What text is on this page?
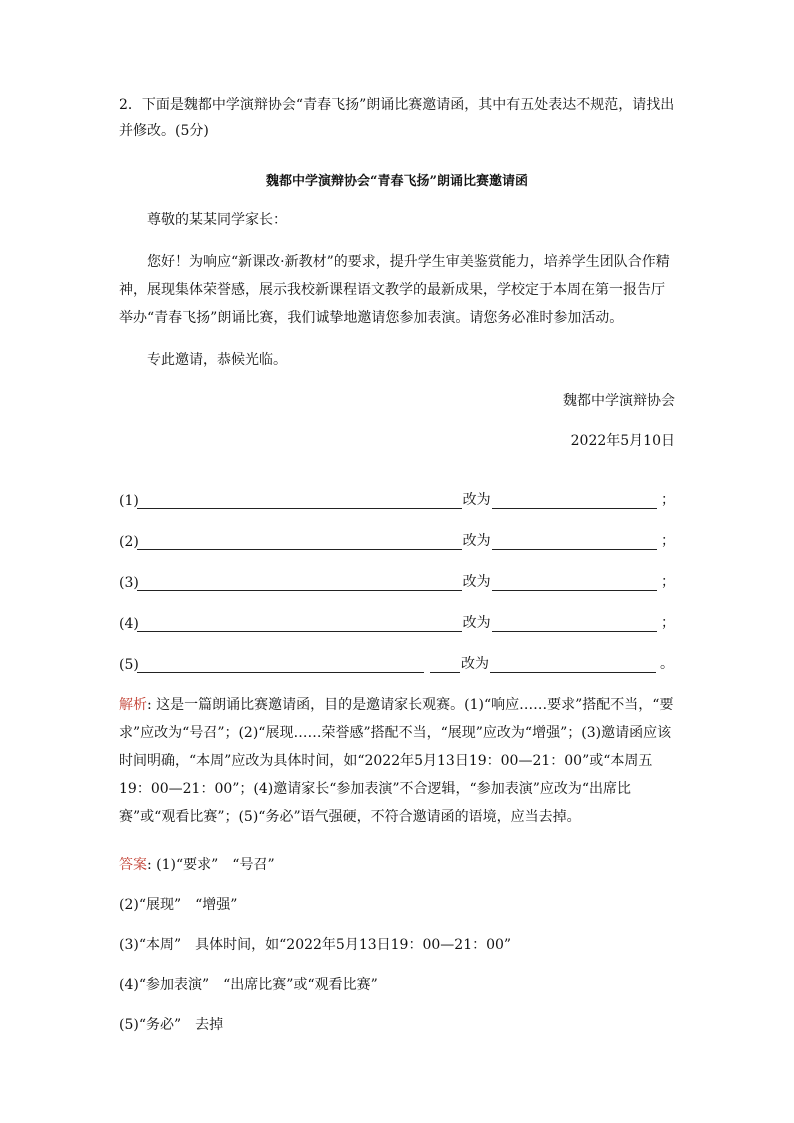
2．下面是魏都中学演辩协会“青春飞扬”朗诵比赛邀请函，其中有五处表达不规范，请找出并修改。(5分)

魏都中学演辩协会“青春飞扬”朗诵比赛邀请函

尊敬的某某同学家长：

您好！为响应“新课改·新教材”的要求，提升学生审美鉴赏能力，培养学生团队合作精神，展现集体荣誉感，展示我校新课程语文教学的最新成果，学校定于本周在第一报告厅举办“青春飞扬”朗诵比赛，我们诚挚地邀请您参加表演。请您务必准时参加活动。

专此邀请，恭候光临。

魏都中学演辩协会

2022年5月10日

(1)	改为	；
(2)	改为	；
(3)	改为	；
(4)	改为	；
(5)	改为	。

解析: 这是一篇朗诵比赛邀请函，目的是邀请家长观赛。(1)“响应……要求”搭配不当，“要求”应改为“号召”；(2)“展现……荣誉感”搭配不当，“展现”应改为“增强”；(3)邀请函应该时间明确，“本周”应改为具体时间，如“2022年5月13日19：00—21：00”或“本周五19：00—21：00”；(4)邀请家长“参加表演”不合逻辑，“参加表演”应改为“出席比赛”或“观看比赛”；(5)“务必”语气强硬，不符合邀请函的语境，应当去掉。

答案: (1)“要求”　“号召”

(2)“展现”　“增强”

(3)“本周”　具体时间，如“2022年5月13日19：00—21：00”

(4)“参加表演”　“出席比赛”或“观看比赛”

(5)“务必”　去掉
